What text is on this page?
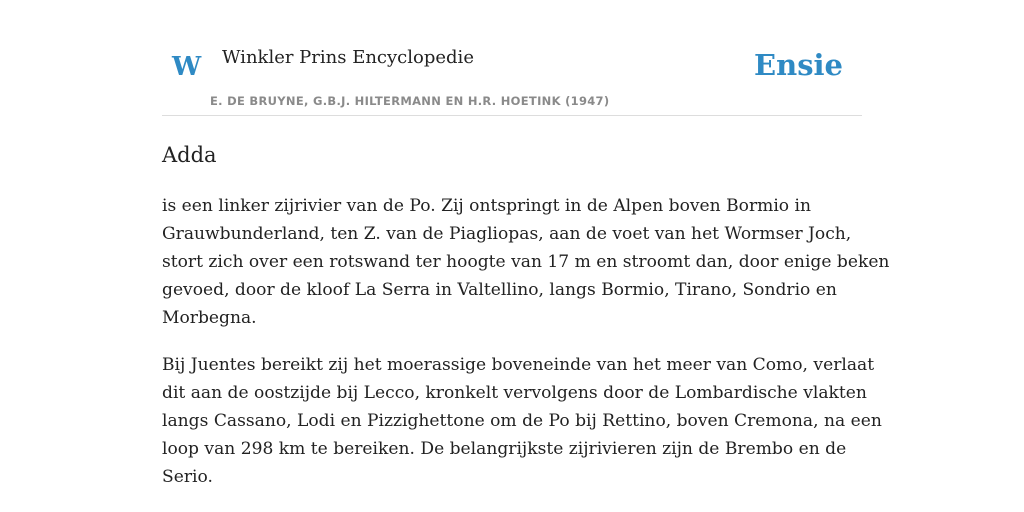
W Winkler Prins Encyclopedie
E. DE BRUYNE, G.B.J. HILTERMANN EN H.R. HOETINK (1947)
Ensie
Adda

is een linker zijrivier van de Po. Zij ontspringt in de Alpen boven Bormio in
Grauwbunderland, ten Z. van de Piagliopas, aan de voet van het Wormser Joch,
stort zich over een rotswand ter hoogte van 17 m en stroomt dan, door enige beken
gevoed, door de kloof La Serra in Valtellino, langs Bormio, Tirano, Sondrio en
Morbegna.

Bij Juentes bereikt zij het moerassige boveneinde van het meer van Como, verlaat
dit aan de oostzijde bij Lecco, kronkelt vervolgens door de Lombardische vlakten
langs Cassano, Lodi en Pizzighettone om de Po bij Rettino, boven Cremona, na een
loop van 298 km te bereiken. De belangrijkste zijrivieren zijn de Brembo en de
Serio.
